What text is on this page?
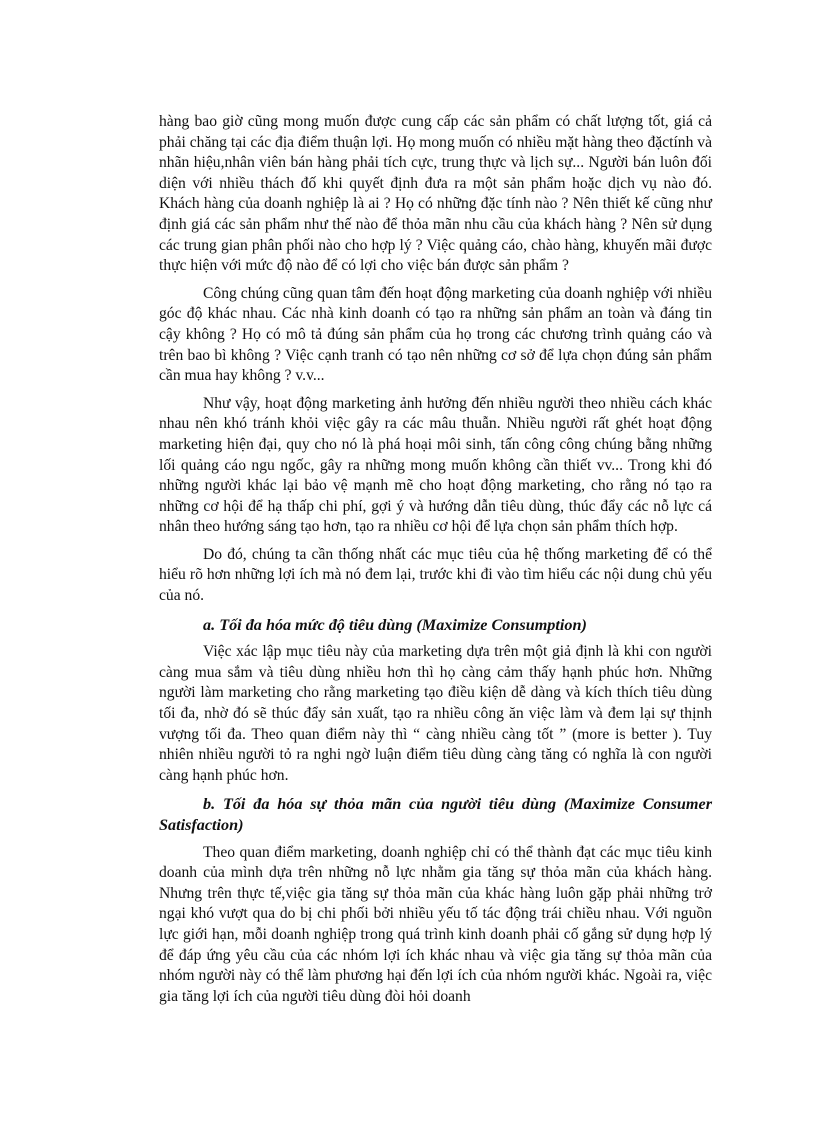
hàng bao giờ cũng mong muốn được cung cấp các sản phẩm có chất lượng tốt, giá cả phải chăng tại các địa điểm thuận lợi. Họ mong muốn có nhiều mặt hàng theo đặctính và nhãn hiệu,nhân viên bán hàng phải tích cực, trung thực và lịch sự... Người bán luôn đối diện với nhiều thách đố khi quyết định đưa ra một sản phẩm hoặc dịch vụ nào đó. Khách hàng của doanh nghiệp là ai ? Họ có những đặc tính nào ? Nên thiết kế cũng như định giá các sản phẩm như thế nào để thỏa mãn nhu cầu của khách hàng ? Nên sử dụng các trung gian phân phối nào cho hợp lý ? Việc quảng cáo, chào hàng, khuyến mãi được thực hiện với mức độ nào để có lợi cho việc bán được sản phẩm ?

Công chúng cũng quan tâm đến hoạt động marketing của doanh nghiệp với nhiều góc độ khác nhau. Các nhà kinh doanh có tạo ra những sản phẩm an toàn và đáng tin cậy không ? Họ có mô tả đúng sản phẩm của họ trong các chương trình quảng cáo và trên bao bì không ? Việc cạnh tranh có tạo nên những cơ sở để lựa chọn đúng sản phẩm cần mua hay không ? v.v...

Như vậy, hoạt động marketing ảnh hưởng đến nhiều người theo nhiều cách khác nhau nên khó tránh khỏi việc gây ra các mâu thuẫn. Nhiều người rất ghét hoạt động marketing hiện đại, quy cho nó là phá hoại môi sinh, tấn công công chúng bằng những lối quảng cáo ngu ngốc, gây ra những mong muốn không cần thiết vv... Trong khi đó những người khác lại bảo vệ mạnh mẽ cho hoạt động marketing, cho rằng nó tạo ra những cơ hội để hạ thấp chi phí, gợi ý và hướng dẫn tiêu dùng, thúc đẩy các nỗ lực cá nhân theo hướng sáng tạo hơn, tạo ra nhiều cơ hội để lựa chọn sản phẩm thích hợp.

Do đó, chúng ta cần thống nhất các mục tiêu của hệ thống marketing để có thể hiểu rõ hơn những lợi ích mà nó đem lại, trước khi đi vào tìm hiểu các nội dung chủ yếu của nó.

a. Tối đa hóa mức độ tiêu dùng (Maximize Consumption)

Việc xác lập mục tiêu này của marketing dựa trên một giả định là khi con người càng mua sắm và tiêu dùng nhiều hơn thì họ càng cảm thấy hạnh phúc hơn. Những người làm marketing cho rằng marketing tạo điều kiện dễ dàng và kích thích tiêu dùng tối đa, nhờ đó sẽ thúc đẩy sản xuất, tạo ra nhiều công ăn việc làm và đem lại sự thịnh vượng tối đa. Theo quan điểm này thì “ càng nhiều càng tốt ” (more is better ). Tuy nhiên nhiều người tỏ ra nghi ngờ luận điểm tiêu dùng càng tăng có nghĩa là con người càng hạnh phúc hơn.

b. Tối đa hóa sự thỏa mãn của người tiêu dùng (Maximize Consumer Satisfaction)

Theo quan điểm marketing, doanh nghiệp chỉ có thể thành đạt các mục tiêu kinh doanh của mình dựa trên những nỗ lực nhằm gia tăng sự thỏa mãn của khách hàng. Nhưng trên thực tế,việc gia tăng sự thỏa mãn của khác hàng luôn gặp phải những trở ngại khó vượt qua do bị chi phối bởi nhiều yếu tố tác động trái chiều nhau. Với nguồn lực giới hạn, mỗi doanh nghiệp trong quá trình kinh doanh phải cố gắng sử dụng hợp lý để đáp ứng yêu cầu của các nhóm lợi ích khác nhau và việc gia tăng sự thỏa mãn của nhóm người này có thể làm phương hại đến lợi ích của nhóm người khác. Ngoài ra, việc gia tăng lợi ích của người tiêu dùng đòi hỏi doanh
